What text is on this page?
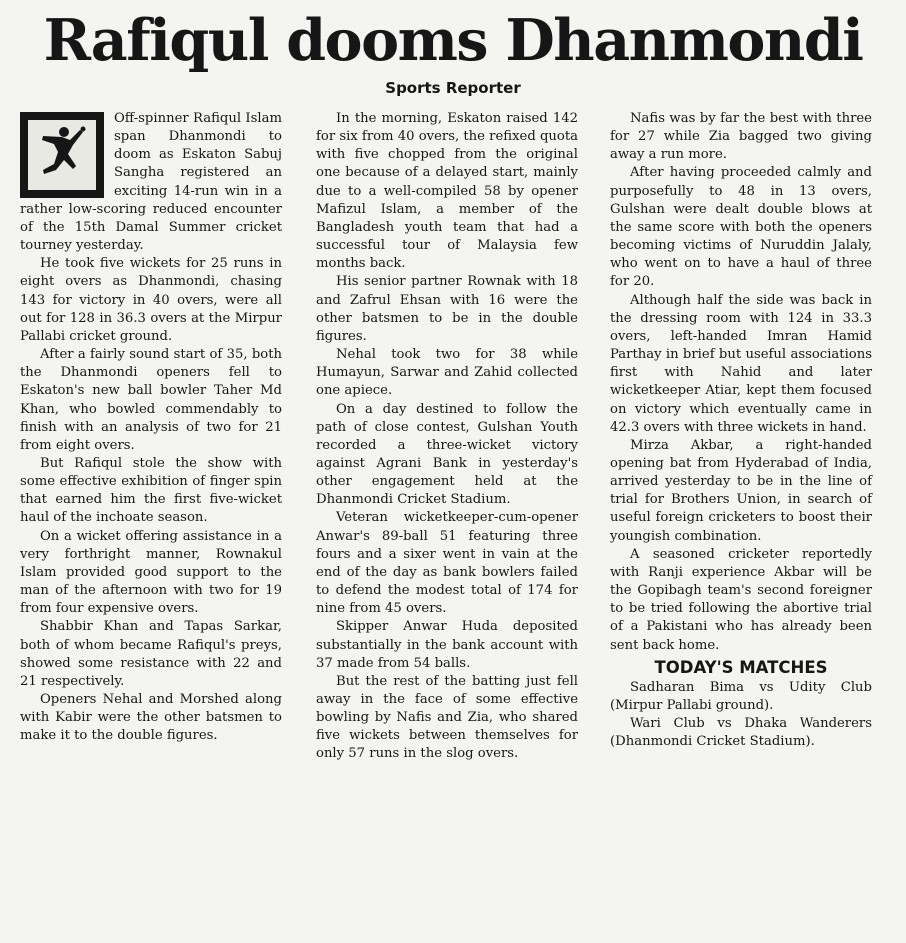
Rafiqul dooms Dhanmondi
Sports Reporter

Off-spinner Rafiqul Islam span Dhanmondi to doom as Eskaton Sabuj Sangha registered an exciting 14-run win in a rather low-scoring reduced encounter of the 15th Damal Summer cricket tourney yesterday.

He took five wickets for 25 runs in eight overs as Dhanmondi, chasing 143 for victory in 40 overs, were all out for 128 in 36.3 overs at the Mirpur Pallabi cricket ground.

After a fairly sound start of 35, both the Dhanmondi openers fell to Eskaton's new ball bowler Taher Md Khan, who bowled commendably to finish with an analysis of two for 21 from eight overs.

But Rafiqul stole the show with some effective exhibition of finger spin that earned him the first five-wicket haul of the inchoate season.

On a wicket offering assistance in a very forthright manner, Rownakul Islam provided good support to the man of the afternoon with two for 19 from four expensive overs.

Shabbir Khan and Tapas Sarkar, both of whom became Rafiqul's preys, showed some resistance with 22 and 21 respectively.

Openers Nehal and Morshed along with Kabir were the other batsmen to make it to the double figures.

In the morning, Eskaton raised 142 for six from 40 overs, the refixed quota with five chopped from the original one because of a delayed start, mainly due to a well-compiled 58 by opener Mafizul Islam, a member of the Bangladesh youth team that had a successful tour of Malaysia few months back.

His senior partner Rownak with 18 and Zafrul Ehsan with 16 were the other batsmen to be in the double figures.

Nehal took two for 38 while Humayun, Sarwar and Zahid collected one apiece.

On a day destined to follow the path of close contest, Gulshan Youth recorded a three-wicket victory against Agrani Bank in yesterday's other engagement held at the Dhanmondi Cricket Stadium.

Veteran wicketkeeper-cum-opener Anwar's 89-ball 51 featuring three fours and a sixer went in vain at the end of the day as bank bowlers failed to defend the modest total of 174 for nine from 45 overs.

Skipper Anwar Huda deposited substantially in the bank account with 37 made from 54 balls.

But the rest of the batting just fell away in the face of some effective bowling by Nafis and Zia, who shared five wickets between themselves for only 57 runs in the slog overs.

Nafis was by far the best with three for 27 while Zia bagged two giving away a run more.

After having proceeded calmly and purposefully to 48 in 13 overs, Gulshan were dealt double blows at the same score with both the openers becoming victims of Nuruddin Jalaly, who went on to have a haul of three for 20.

Although half the side was back in the dressing room with 124 in 33.3 overs, left-handed Imran Hamid Parthay in brief but useful associations first with Nahid and later wicketkeeper Atiar, kept them focused on victory which eventually came in 42.3 overs with three wickets in hand.

Mirza Akbar, a right-handed opening bat from Hyderabad of India, arrived yesterday to be in the line of trial for Brothers Union, in search of useful foreign cricketers to boost their youngish combination.

A seasoned cricketer reportedly with Ranji experience Akbar will be the Gopibagh team's second foreigner to be tried following the abortive trial of a Pakistani who has already been sent back home.

TODAY'S MATCHES

Sadharan Bima vs Udity Club (Mirpur Pallabi ground).

Wari Club vs Dhaka Wanderers (Dhanmondi Cricket Stadium).
